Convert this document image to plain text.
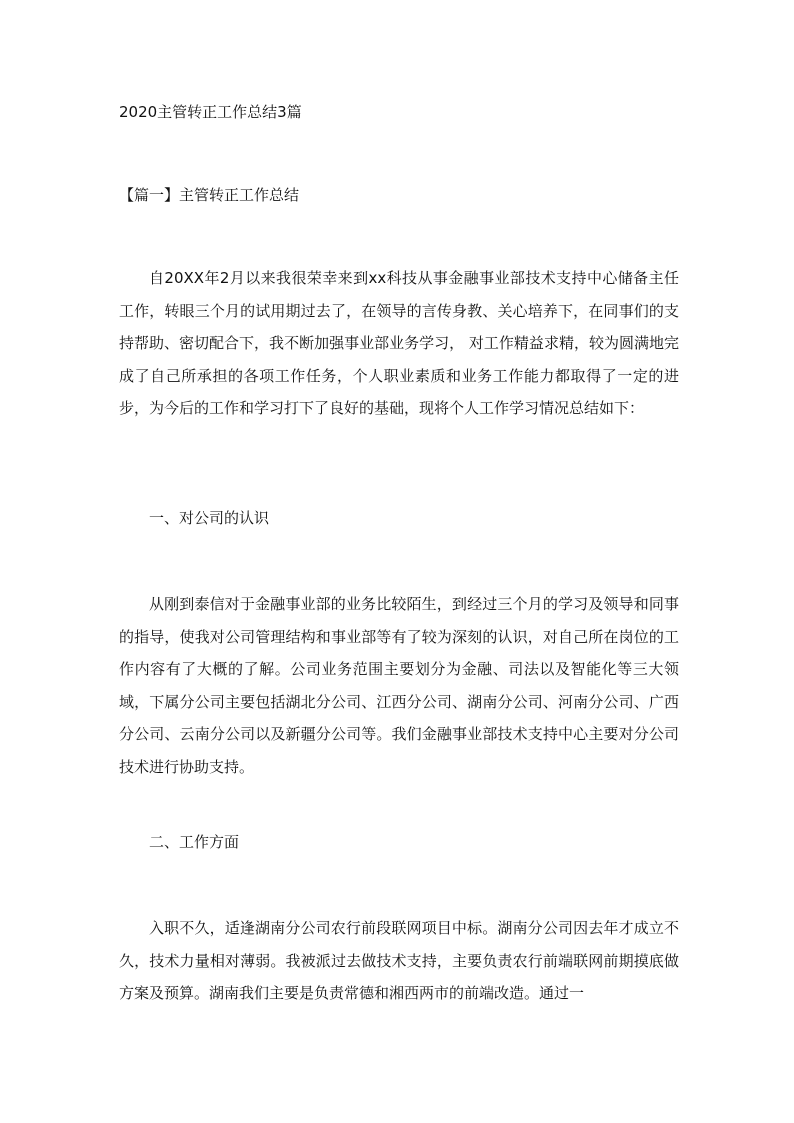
2020主管转正工作总结3篇
【篇一】主管转正工作总结

自20XX年2月以来我很荣幸来到xx科技从事金融事业部技术支持中心储备主任工作，转眼三个月的试用期过去了，在领导的言传身教、关心培养下，在同事们的支持帮助、密切配合下，我不断加强事业部业务学习， 对工作精益求精，较为圆满地完成了自己所承担的各项工作任务，个人职业素质和业务工作能力都取得了一定的进步，为今后的工作和学习打下了良好的基础，现将个人工作学习情况总结如下：

一、对公司的认识

从刚到泰信对于金融事业部的业务比较陌生，到经过三个月的学习及领导和同事的指导，使我对公司管理结构和事业部等有了较为深刻的认识，对自己所在岗位的工作内容有了大概的了解。公司业务范围主要划分为金融、司法以及智能化等三大领域，下属分公司主要包括湖北分公司、江西分公司、湖南分公司、河南分公司、广西分公司、云南分公司以及新疆分公司等。我们金融事业部技术支持中心主要对分公司技术进行协助支持。

二、工作方面

入职不久，适逢湖南分公司农行前段联网项目中标。湖南分公司因去年才成立不久，技术力量相对薄弱。我被派过去做技术支持，主要负责农行前端联网前期摸底做方案及预算。湖南我们主要是负责常德和湘西两市的前端改造。通过一
